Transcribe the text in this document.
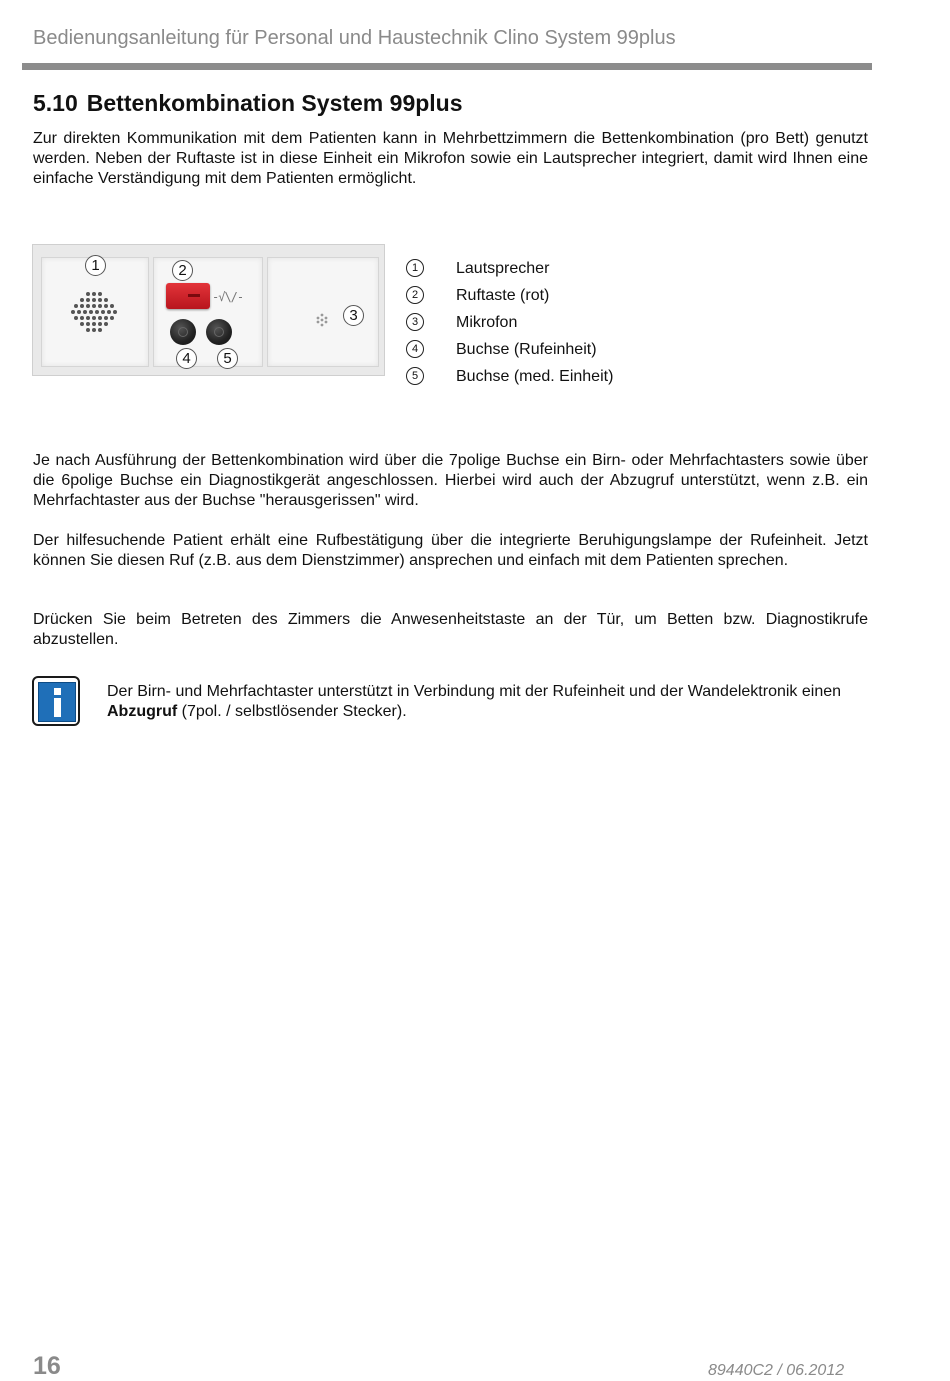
Bedienungsanleitung für Personal und Haustechnik Clino System 99plus
5.10 Bettenkombination System 99plus

Zur direkten Kommunikation mit dem Patienten kann in Mehrbettzimmern die Bettenkombination (pro Bett) genutzt werden. Neben der Ruftaste ist in diese Einheit ein Mikrofon sowie ein Lautsprecher integriert, damit wird Ihnen eine einfache Verständigung mit dem Patienten ermöglicht.

-√\/-
1	2
3
4	5
1	Lautsprecher
2	Ruftaste (rot)
3	Mikrofon
4	Buchse (Rufeinheit)
5	Buchse (med. Einheit)

Je nach Ausführung der Bettenkombination wird über die 7polige Buchse ein Birn- oder Mehrfachtasters sowie über die 6polige Buchse ein Diagnostikgerät angeschlossen. Hierbei wird auch der Abzugruf unterstützt, wenn z.B. ein Mehrfachtaster aus der Buchse "herausgerissen" wird.

Der hilfesuchende Patient erhält eine Rufbestätigung über die integrierte Beruhigungslampe der Rufeinheit. Jetzt können Sie diesen Ruf (z.B. aus dem Dienstzimmer) ansprechen und einfach mit dem Patienten sprechen.

Drücken Sie beim Betreten des Zimmers die Anwesenheitstaste an der Tür, um Betten bzw. Diagnostikrufe abzustellen.

Der Birn- und Mehrfachtaster unterstützt in Verbindung mit der Rufeinheit und der Wandelektronik einen Abzugruf (7pol. / selbstlösender Stecker).

16	89440C2 / 06.2012
